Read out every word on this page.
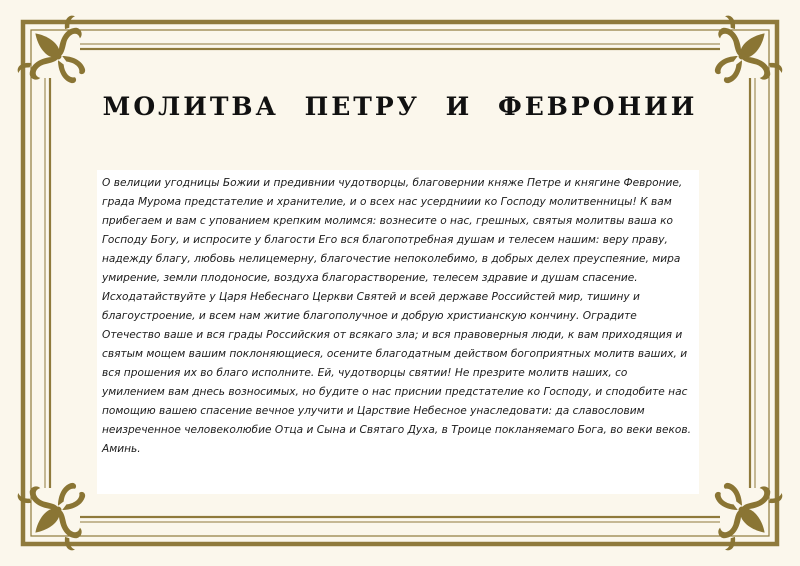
МОЛИТВА ПЕТРУ И ФЕВРОНИИ

О велиции угодницы Божии и предивнии чудотворцы, благовернии княже Петре и княгине Февроние, града Мурома предстателие и хранителие, и о всех нас усердниии ко Господу молитвенницы! К вам прибегаем и вам с упованием крепким молимся: вознесите о нас, грешных, святыя молитвы ваша ко Господу Богу, и испросите у благости Его вся благопотребная душам и телесем нашим: веру праву, надежду благу, любовь нелицемерну, благочестие непоколебимо, в добрых делех преуспеяние, мира умирение, земли плодоносие, воздуха благорастворение, телесем здравие и душам спасение. Исходатайствуйте у Царя Небеснаго Церкви Святей и всей державе Российстей мир, тишину и благоустроение, и всем нам житие благополучное и добрую христианскую кончину. Оградите Отечество ваше и вся грады Российския от всякаго зла; и вся правоверныя люди, к вам приходящия и святым мощем вашим поклоняющиеся, осените благодатным действом богоприятных молитв ваших, и вся прошения их во благо исполните. Ей, чудотворцы святии! Не презрите молитв наших, со умилением вам днесь возносимых, но будите о нас приснии предстателие ко Господу, и сподобите нас помощию вашею спасение вечное улучити и Царствие Небесное унаследовати: да славословим неизреченное человеколюбие Отца и Сына и Святаго Духа, в Троице покланяемаго Бога, во веки веков. Аминь.
